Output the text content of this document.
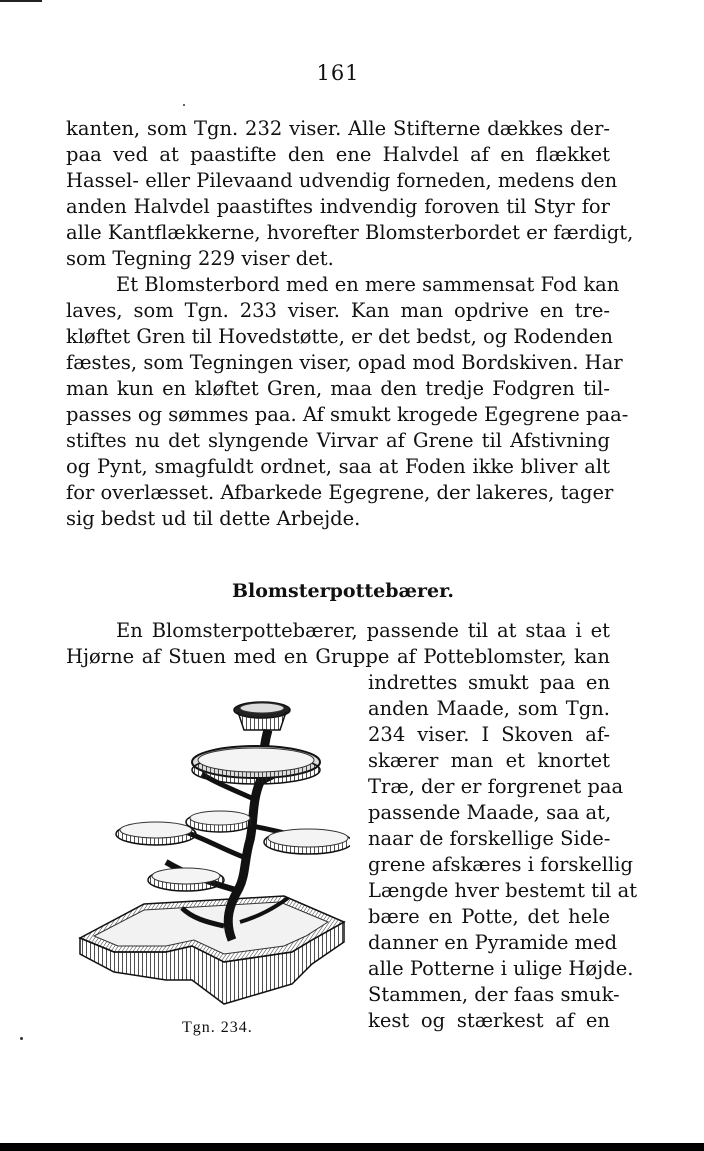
161
kanten, som Tgn. 232 viser. Alle Stifterne dækkes der-
paa ved at paastifte den ene Halvdel af en flækket
Hassel- eller Pilevaand udvendig forneden, medens den
anden Halvdel paastiftes indvendig foroven til Styr for
alle Kantflækkerne, hvorefter Blomsterbordet er færdigt,
som Tegning 229 viser det.
Et Blomsterbord med en mere sammensat Fod kan
laves, som Tgn. 233 viser. Kan man opdrive en tre-
kløftet Gren til Hovedstøtte, er det bedst, og Rodenden
fæstes, som Tegningen viser, opad mod Bordskiven. Har
man kun en kløftet Gren, maa den tredje Fodgren til-
passes og sømmes paa. Af smukt krogede Egegrene paa-
stiftes nu det slyngende Virvar af Grene til Afstivning
og Pynt, smagfuldt ordnet, saa at Foden ikke bliver alt
for overlæsset. Afbarkede Egegrene, der lakeres, tager
sig bedst ud til dette Arbejde.
Blomsterpottebærer.
En Blomsterpottebærer, passende til at staa i et
Hjørne af Stuen med en Gruppe af Potteblomster, kan
indrettes smukt paa en
anden Maade, som Tgn.
234 viser. I Skoven af-
skærer man et knortet
Træ, der er forgrenet paa
passende Maade, saa at,
naar de forskellige Side-
grene afskæres i forskellig
Længde hver bestemt til at
bære en Potte, det hele
danner en Pyramide med
alle Potterne i ulige Højde.
Stammen, der faas smuk-
kest og stærkest af en
Tgn. 234.
